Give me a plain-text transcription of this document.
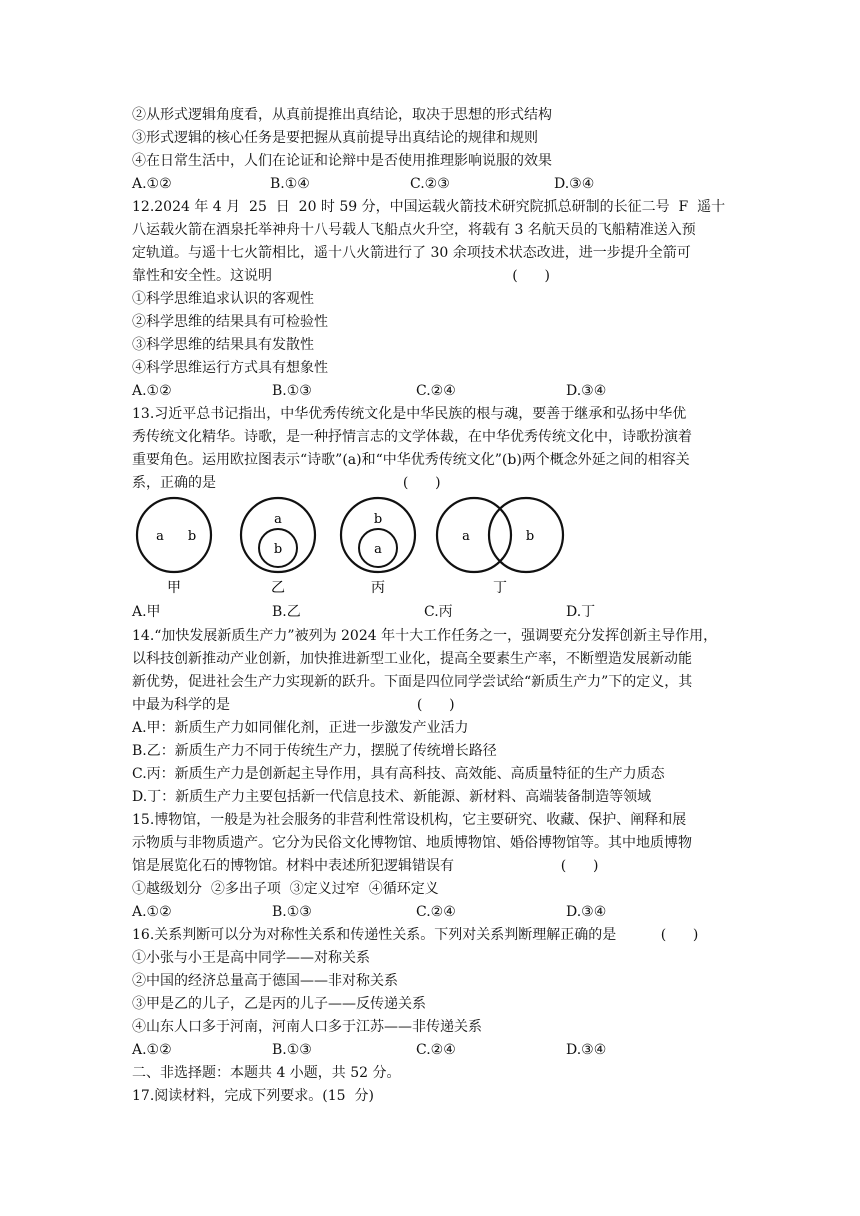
②从形式逻辑角度看，从真前提推出真结论，取决于思想的形式结构
③形式逻辑的核心任务是要把握从真前提导出真结论的规律和规则
④在日常生活中，人们在论证和论辩中是否使用推理影响说服的效果
A.①②	B.①④	C.②③	D.③④
12.2024 年 4 月  25  日  20 时 59 分，中国运载火箭技术研究院抓总研制的长征二号  F  遥十
八运载火箭在酒泉托举神舟十八号载人飞船点火升空，将载有 3 名航天员的飞船精准送入预
定轨道。与遥十七火箭相比，遥十八火箭进行了 30 余项技术状态改进，进一步提升全箭可
靠性和安全性。这说明                                                      (      )
①科学思维追求认识的客观性
②科学思维的结果具有可检验性
③科学思维的结果具有发散性
④科学思维运行方式具有想象性
A.①②	B.①③	C.②④	D.③④
13.习近平总书记指出，中华优秀传统文化是中华民族的根与魂，要善于继承和弘扬中华优
秀传统文化精华。诗歌，是一种抒情言志的文学体裁，在中华优秀传统文化中，诗歌扮演着
重要角色。运用欧拉图表示“诗歌”(a)和“中华优秀传统文化”(b)两个概念外延之间的相容关
系，正确的是                                          (      )
a b
甲
a
b
乙
b
a
丙
a	b
丁
A.甲	B.乙	C.丙	D.丁
14.“加快发展新质生产力”被列为 2024 年十大工作任务之一，强调要充分发挥创新主导作用，
以科技创新推动产业创新，加快推进新型工业化，提高全要素生产率，不断塑造发展新动能
新优势，促进社会生产力实现新的跃升。下面是四位同学尝试给“新质生产力”下的定义，其
中最为科学的是                                          (      )
A.甲：新质生产力如同催化剂，正进一步激发产业活力
B.乙：新质生产力不同于传统生产力，摆脱了传统增长路径
C.丙：新质生产力是创新起主导作用，具有高科技、高效能、高质量特征的生产力质态
D.丁：新质生产力主要包括新一代信息技术、新能源、新材料、高端装备制造等领域
15.博物馆，一般是为社会服务的非营利性常设机构，它主要研究、收藏、保护、阐释和展
示物质与非物质遗产。它分为民俗文化博物馆、地质博物馆、婚俗博物馆等。其中地质博物
馆是展览化石的博物馆。材料中表述所犯逻辑错误有                        (      )
①越级划分  ②多出子项  ③定义过窄  ④循环定义
A.①②	B.①③	C.②④	D.③④
16.关系判断可以分为对称性关系和传递性关系。下列对关系判断理解正确的是          (      )
①小张与小王是高中同学——对称关系
②中国的经济总量高于德国——非对称关系
③甲是乙的儿子，乙是丙的儿子——反传递关系
④山东人口多于河南，河南人口多于江苏——非传递关系
A.①②	B.①③	C.②④	D.③④
二、非选择题：本题共 4 小题，共 52 分。
17.阅读材料，完成下列要求。(15  分)
